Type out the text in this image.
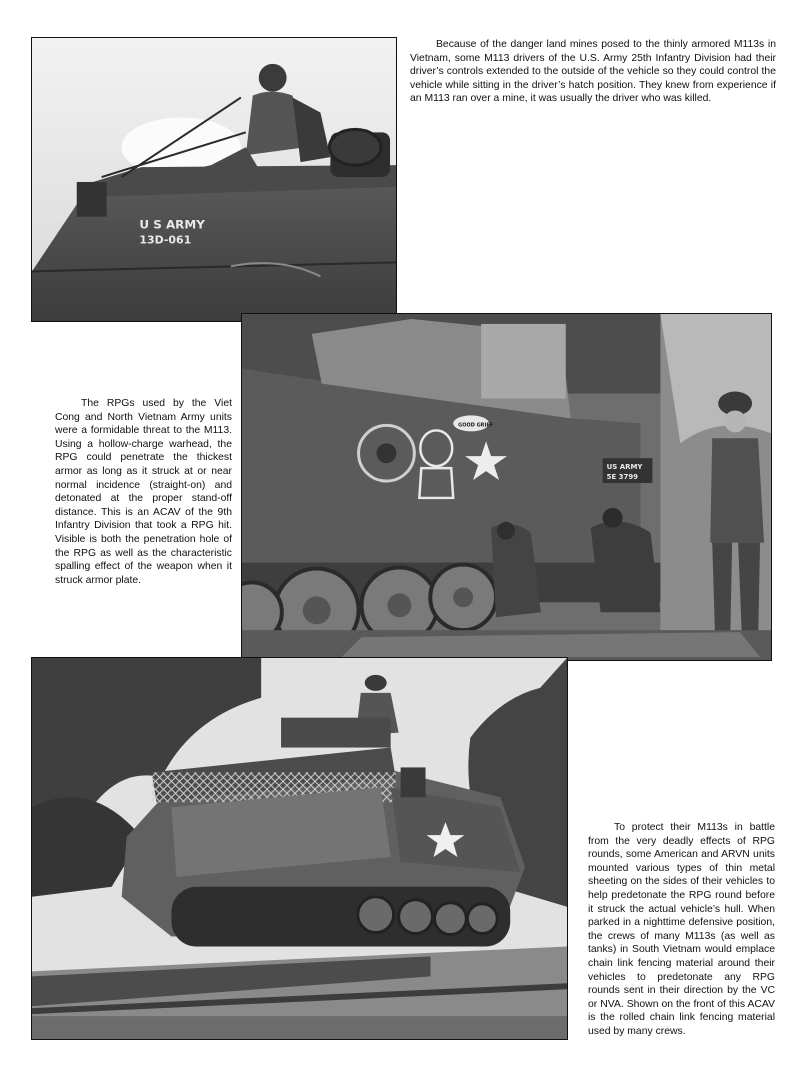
U S ARMY
13D-061

Because of the danger land mines posed to the thinly armored M113s in Vietnam, some M113 drivers of the U.S. Army 25th Infantry Division had their driver’s controls extended to the outside of the vehicle so they could control the vehicle while sitting in the driver’s hatch position. They knew from experience if an M113 ran over a mine, it was usually the driver who was killed.

GOOD GRIEF
US ARMY
5E 3799

The RPGs used by the Viet Cong and North Vietnam Army units were a formidable threat to the M113. Using a hollow-charge warhead, the RPG could penetrate the thickest armor as long as it struck at or near normal incidence (straight-on) and detonated at the proper stand-off distance. This is an ACAV of the 9th Infantry Division that took a RPG hit. Visible is both the penetration hole of the RPG as well as the characteristic spalling effect of the weapon when it struck armor plate.

To protect their M113s in battle from the very deadly effects of RPG rounds, some American and ARVN units mounted various types of thin metal sheeting on the sides of their vehicles to help predetonate the RPG round before it struck the actual vehicle’s hull. When parked in a nighttime defensive position, the crews of many M113s (as well as tanks) in South Vietnam would emplace chain link fencing material around their vehicles to predetonate any RPG rounds sent in their direction by the VC or NVA. Shown on the front of this ACAV is the rolled chain link fencing material used by many crews.
